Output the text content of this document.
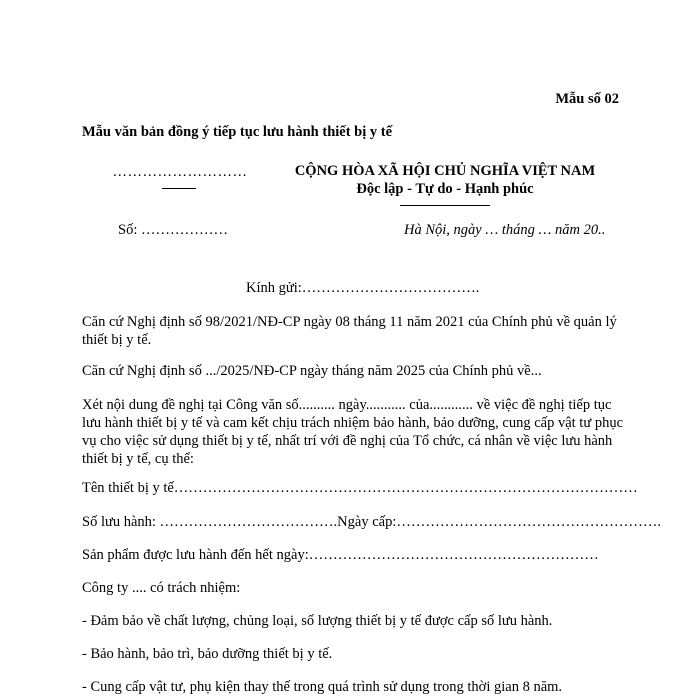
Mẫu số 02
Mẫu văn bản đồng ý tiếp tục lưu hành thiết bị y tế
………………………	CỘNG HÒA XÃ HỘI CHỦ NGHĨA VIỆT NAM
Độc lập - Tự do - Hạnh phúc
Số: ………………	Hà Nội, ngày … tháng … năm 20..
Kính gửi:……………………………….
Căn cứ Nghị định số 98/2021/NĐ-CP ngày 08 tháng 11 năm 2021 của Chính phủ về quản lý thiết bị y tế.
Căn cứ Nghị định số .../2025/NĐ-CP ngày tháng năm 2025 của Chính phủ về...
Xét nội dung đề nghị tại Công văn số.......... ngày........... của............ về việc đề nghị tiếp tục lưu hành thiết bị y tế và cam kết chịu trách nhiệm bảo hành, bảo dưỡng, cung cấp vật tư phục vụ cho việc sử dụng thiết bị y tế, nhất trí với đề nghị của Tổ chức, cá nhân về việc lưu hành thiết bị y tế, cụ thể:
Tên thiết bị y tế……………………………………………………………………………………
Số lưu hành: ……………………………….Ngày cấp:……………………………………………….
Sản phẩm được lưu hành đến hết ngày:……………………………………………………
Công ty .... có trách nhiệm:
- Đảm bảo về chất lượng, chủng loại, số lượng thiết bị y tế được cấp số lưu hành.
- Bảo hành, bảo trì, bảo dưỡng thiết bị y tế.
- Cung cấp vật tư, phụ kiện thay thế trong quá trình sử dụng trong thời gian 8 năm.
